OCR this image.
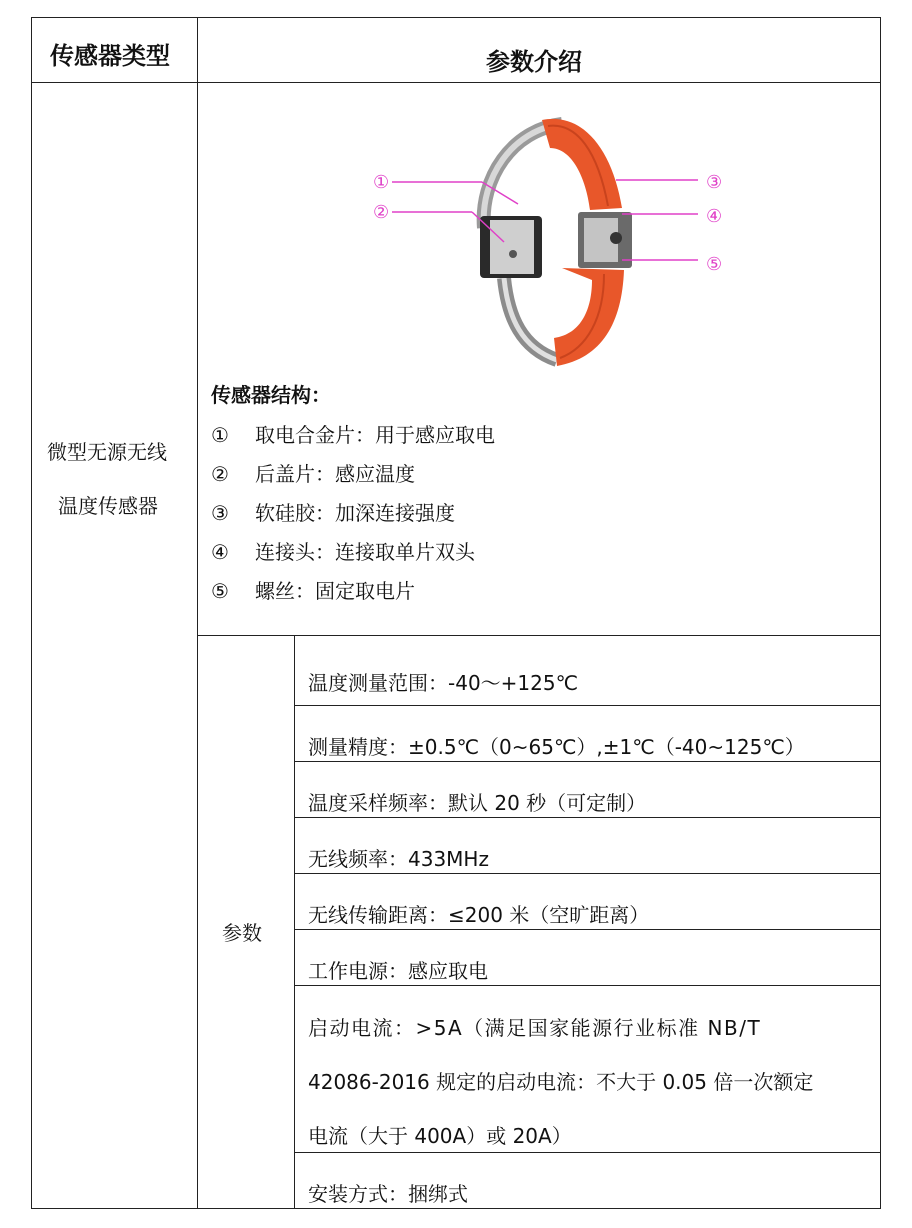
传感器类型	参数介绍
微型无源无线
温度传感器
①
②
③
④
⑤
传感器结构：
① 取电合金片：用于感应取电
② 后盖片：感应温度
③ 软硅胶：加深连接强度
④ 连接头：连接取单片双头
⑤ 螺丝：固定取电片
参数
温度测量范围：-40～+125℃
测量精度：±0.5℃（0~65℃）,±1℃（-40~125℃）
温度采样频率：默认 20 秒（可定制）
无线频率：433MHz
无线传输距离：≤200 米（空旷距离）
工作电源：感应取电
启动电流：>5A（满足国家能源行业标准 NB/T
42086-2016 规定的启动电流：不大于 0.05 倍一次额定
电流（大于 400A）或 20A）
安装方式：捆绑式
